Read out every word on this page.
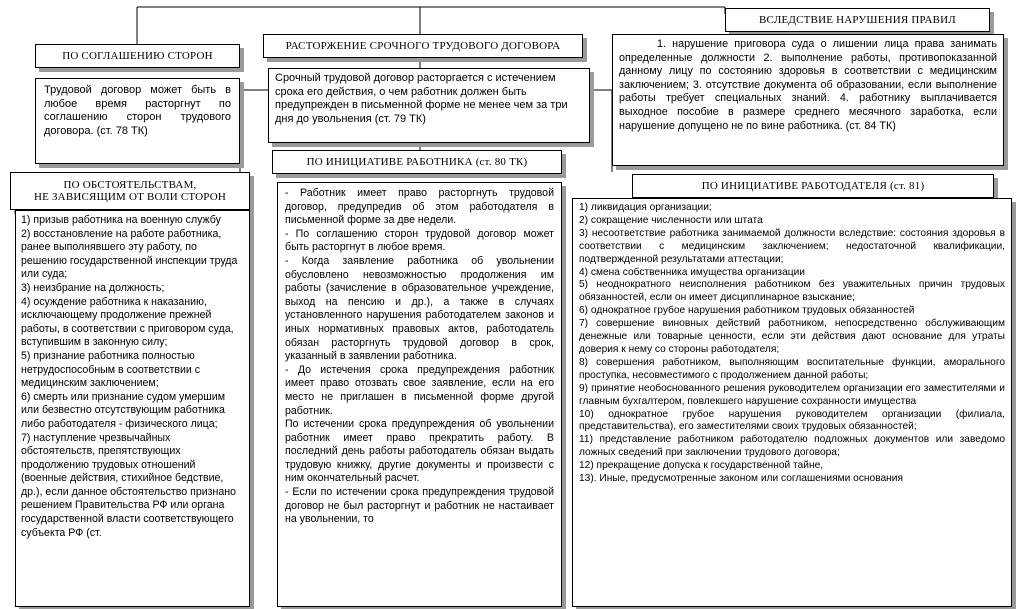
РАСТОРЖЕНИЕ СРОЧНОГО ТРУДОВОГО ДОГОВОРА
Срочный трудовой договор расторгается с истечением срока его действия, о чем работник должен быть предупрежден в письменной форме не менее чем за три дня до увольнения (ст. 79 ТК)
ПО СОГЛАШЕНИЮ СТОРОН
Трудовой договор может быть в любое время расторгнут по соглашению сторон трудового договора. (ст. 78 ТК)
ВСЛЕДСТВИЕ НАРУШЕНИЯ ПРАВИЛ
1. нарушение приговора суда о лишении лица права занимать определенные должности 2. выполнение работы, противопоказанной данному лицу по состоянию здоровья в соответствии с медицинским заключением; 3. отсутствие документа об образовании, если выполнение работы требует специальных знаний. 4. работнику выплачивается выходное пособие в размере среднего месячного заработка, если нарушение допущено не по вине работника. (ст. 84 ТК)
ПО ИНИЦИАТИВЕ РАБОТНИКА (ст. 80 ТК)

- Работник имеет право расторгнуть трудовой договор, предупредив об этом работодателя в письменной форме за две недели.

- По соглашению сторон трудовой договор может быть расторгнут в любое время.

- Когда заявление работника об увольнении обусловлено невозможностью продолжения им работы (зачисление в образовательное учреждение, выход на пенсию и др.), а также в случаях установленного нарушения работодателем законов и иных нормативных правовых актов, работодатель обязан расторгнуть трудовой договор в срок, указанный в заявлении работника.

- До истечения срока предупреждения работник имеет право отозвать свое заявление, если на его место не приглашен в письменной форме другой работник.

По истечении срока предупреждения об увольнении работник имеет право прекратить работу. В последний день работы работодатель обязан выдать трудовую книжку, другие документы и произвести с ним окончательный расчет.

- Если по истечении срока предупреждения трудовой договор не был расторгнут и работник не настаивает на увольнении, то

ПО ОБСТОЯТЕЛЬСТВАМ,
НЕ ЗАВИСЯЩИМ ОТ ВОЛИ СТОРОН

1) призыв работника на военную службу

2) восстановление на работе работника, ранее выполнявшего эту работу, по решению государственной инспекции труда или суда;

3) неизбрание на должность;

4) осуждение работника к наказанию, исключающему продолжение прежней работы, в соответствии с приговором суда, вступившим в законную силу;

5) признание работника полностью нетрудоспособным в соответствии с медицинским заключением;

6) смерть или признание судом умершим или безвестно отсутствующим работника либо работодателя - физического лица;

7) наступление чрезвычайных обстоятельств, препятствующих продолжению трудовых отношений (военные действия, стихийное бедствие, др.), если данное обстоятельство признано решением Правительства РФ или органа государственной власти соответствующего субъекта РФ (ст.

ПО ИНИЦИАТИВЕ РАБОТОДАТЕЛЯ (ст. 81)

1) ликвидация организации;

2) сокращение численности или штата

3) несоответствие работника занимаемой должности вследствие: состояния здоровья в соответствии с медицинским заключением; недостаточной квалификации, подтвержденной результатами аттестации;

4) смена собственника имущества организации

5) неоднократного неисполнения работником без уважительных причин трудовых обязанностей, если он имеет дисциплинарное взыскание;

6) однократное грубое нарушения работником трудовых обязанностей

7) совершение виновных действий работником, непосредственно обслуживающим денежные или товарные ценности, если эти действия дают основание для утраты доверия к нему со стороны работодателя;

8) совершения работником, выполняющим воспитательные функции, аморального проступка, несовместимого с продолжением данной работы;

9) принятие необоснованного решения руководителем организации его заместителями и главным бухгалтером, повлекшего нарушение сохранности имущества

10) однократное грубое нарушения руководителем организации (филиала, представительства), его заместителями своих трудовых обязанностей;

11) представление работником работодателю подложных документов или заведомо ложных сведений при заключении трудового договора;

12) прекращение допуска к государственной тайне,

13). Иные, предусмотренные законом или соглашениями основания
